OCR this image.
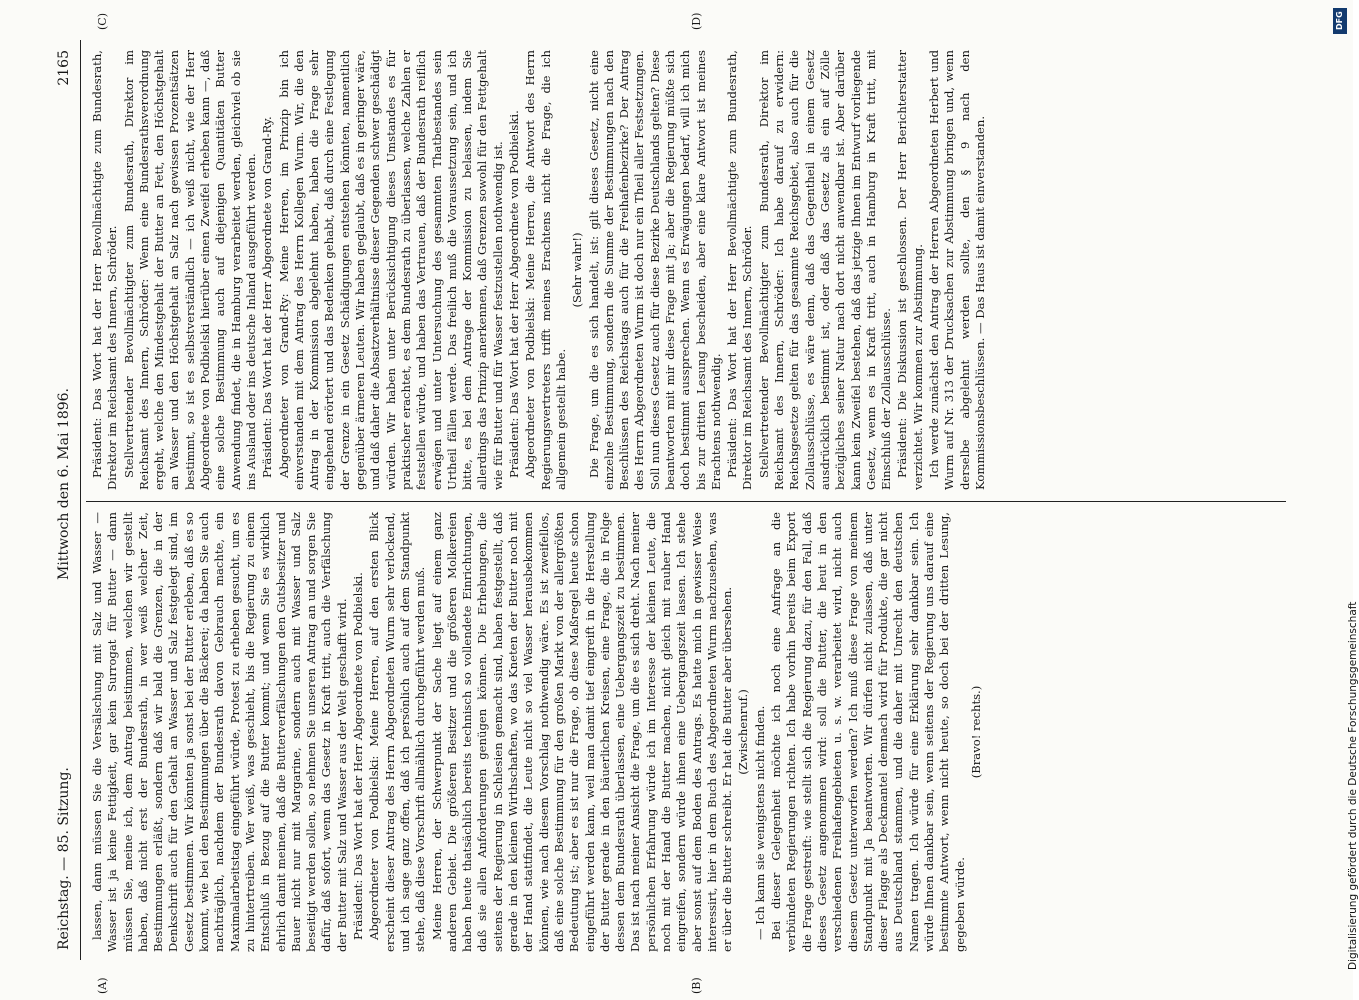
Reichstag. — 85. Sitzung.
Mittwoch den 6. Mai 1896.
2165
(A)	(B)
(C)	(D)

lassen, dann müssen Sie die Versälschung mit Salz und Wasser — Wasser ist ja keine Fettigkeit, gar kein Surrogat für Butter — dann müssen Sie, meine ich, dem Antrag beistimmen, welchen wir gestellt haben, daß nicht erst der Bundesrath, in wer weiß welcher Zeit, Bestimmungen erläßt, sondern daß wir bald die Grenzen, die in der Denkschrift auch für den Gehalt an Wasser und Salz festgelegt sind, im Gesetz bestimmen. Wir könnten ja sonst bei der Butter erleben, daß es so kommt, wie bei den Bestimmungen über die Bäckerei; da haben Sie auch nachträglich, nachdem der Bundesrath davon Gebrauch machte, ein Maximalarbeitstag eingeführt würde, Protest zu erheben gesucht, um es zu hintertreiben. Wer weiß, was geschieht, bis die Regierung zu einem Entschluß in Bezug auf die Butter kommt; und wenn Sie es wirklich ehrlich damit meinen, daß die Butterverfälschungen den Gutsbesitzer und Bauer nicht nur mit Margarine, sondern auch mit Wasser und Salz beseitigt werden sollen, so nehmen Sie unseren Antrag an und sorgen Sie dafür, daß sofort, wenn das Gesetz in Kraft tritt, auch die Verfälschung der Butter mit Salz und Wasser aus der Welt geschafft wird. Präsident: Das Wort hat der Herr Abgeordnete von Podbielski. Abgeordneter von Podbielski: Meine Herren, auf den ersten Blick erscheint dieser Antrag des Herrn Abgeordneten Wurm sehr verlockend, und ich sage ganz offen, daß ich persönlich auch auf dem Standpunkt stehe, daß diese Vorschrift allmählich durchgeführt werden muß. Meine Herren, der Schwerpunkt der Sache liegt auf einem ganz anderen Gebiet. Die größeren Besitzer und die größeren Molkereien haben heute thatsächlich bereits technisch so vollendete Einrichtungen, daß sie allen Anforderungen genügen können. Die Erhebungen, die seitens der Regierung in Schlesien gemacht sind, haben festgestellt, daß gerade in den kleinen Wirthschaften, wo das Kneten der Butter noch mit der Hand stattfindet, die Leute nicht so viel Wasser herausbekommen können, wie nach diesem Vorschlag nothwendig wäre. Es ist zweifellos, daß eine solche Bestimmung für den großen Markt von der allergrößten Bedeutung ist; aber es ist nur die Frage, ob diese Maßregel heute schon eingeführt werden kann, weil man damit tief eingreift in die Herstellung der Butter gerade in den bäuerlichen Kreisen, eine Frage, die in Folge dessen dem Bundesrath überlassen, eine Uebergangszeit zu bestimmen. Das ist nach meiner Ansicht die Frage, um die es sich dreht. Nach meiner persönlichen Erfahrung würde ich im Interesse der kleinen Leute, die noch mit der Hand die Butter machen, nicht gleich mit rauher Hand eingreifen, sondern würde ihnen eine Uebergangszeit lassen. Ich stehe aber sonst auf dem Boden des Antrags. Es hatte mich in gewisser Weise interessirt, hier in dem Buch des Abgeordneten Wurm nachzusehen, was er über die Butter schreibt. Er hat die Butter aber übersehen. (Zwischenruf.) — Ich kann sie wenigstens nicht finden. Bei dieser Gelegenheit möchte ich noch eine Anfrage an die verbündeten Regierungen richten. Ich habe vorhin bereits beim Export die Frage gestreift: wie stellt sich die Regierung dazu, für den Fall, daß dieses Gesetz angenommen wird: soll die Butter, die heut in den verschiedenen Freihafengebieten u. s. w. verarbeitet wird, nicht auch diesem Gesetz unterworfen werden? Ich muß diese Frage von meinem Standpunkt mit Ja beantworten. Wir dürfen nicht zulassen, daß unter dieser Flagge als Deckmantel demnach wird für Produkte, die gar nicht aus Deutschland stammen, und die daher mit Unrecht den deutschen Namen tragen. Ich würde für eine Erklärung sehr dankbar sein. Ich würde Ihnen dankbar sein, wenn seitens der Regierung uns darauf eine bestimmte Antwort, wenn nicht heute, so doch bei der dritten Lesung, gegeben würde.

(Bravo! rechts.)

Präsident: Das Wort hat der Herr Bevollmächtigte zum Bundesrath, Direktor im Reichsamt des Innern, Schröder. Stellvertretender Bevollmächtigter zum Bundesrath, Direktor im Reichsamt des Innern, Schröder: Wenn eine Bundesrathsverordnung ergeht, welche den Mindestgehalt der Butter an Fett, den Höchstgehalt an Wasser und den Höchstgehalt an Salz nach gewissen Prozentsätzen bestimmt, so ist es selbstverständlich — ich weiß nicht, wie der Herr Abgeordnete von Podbielski hierüber einen Zweifel erheben kann —, daß eine solche Bestimmung auch auf diejenigen Quantitäten Butter Anwendung findet, die in Hamburg verarbeitet werden, gleichviel ob sie ins Ausland oder ins deutsche Inland ausgeführt werden. Präsident: Das Wort hat der Herr Abgeordnete von Grand-Ry. Abgeordneter von Grand-Ry: Meine Herren, im Prinzip bin ich einverstanden mit dem Antrag des Herrn Kollegen Wurm. Wir, die den Antrag in der Kommission abgelehnt haben, haben die Frage sehr eingehend erörtert und das Bedenken gehabt, daß durch eine Festlegung der Grenze in ein Gesetz Schädigungen entstehen könnten, namentlich gegenüber ärmeren Leuten. Wir haben geglaubt, daß es in geringer wäre, und daß daher die Absatzverhältnisse dieser Gegenden schwer geschädigt würden. Wir haben unter Berücksichtigung dieses Umstandes es für praktischer erachtet, es dem Bundesrath zu überlassen, welche Zahlen er feststellen würde, und haben das Vertrauen, daß der Bundesrath reiflich erwägen und unter Untersuchung des gesammten Thatbestandes sein Urtheil fällen werde. Das freilich muß die Voraussetzung sein, und ich bitte, es bei dem Antrage der Kommission zu belassen, indem Sie allerdings das Prinzip anerkennen, daß Grenzen sowohl für den Fettgehalt wie für Butter und für Wasser festzustellen nothwendig ist. Präsident: Das Wort hat der Herr Abgeordnete von Podbielski. Abgeordneter von Podbielski: Meine Herren, die Antwort des Herrn Regierungsvertreters trifft meines Erachtens nicht die Frage, die ich allgemein gestellt habe.

(Sehr wahr!) Die Frage, um die es sich handelt, ist: gilt dieses Gesetz, nicht eine einzelne Bestimmung, sondern die Summe der Bestimmungen nach den Beschlüssen des Reichstags auch für die Freihafenbezirke? Der Antrag des Herrn Abgeordneten Wurm ist doch nur ein Theil aller Festsetzungen. Soll nun dieses Gesetz auch für diese Bezirke Deutschlands gelten? Diese beantworten mit mir diese Frage mit Ja; aber die Regierung müßte sich doch bestimmt aussprechen. Wenn es Erwägungen bedarf, will ich mich bis zur dritten Lesung bescheiden, aber eine klare Antwort ist meines Erachtens nothwendig. Präsident: Das Wort hat der Herr Bevollmächtigte zum Bundesrath, Direktor im Reichsamt des Innern, Schröder. Stellvertretender Bevollmächtigter zum Bundesrath, Direktor im Reichsamt des Innern, Schröder: Ich habe darauf zu erwidern: Reichsgesetze gelten für das gesammte Reichsgebiet, also auch für die Zollausschlüsse, es wäre denn, daß das Gegentheil in einem Gesetz ausdrücklich bestimmt ist, oder daß das Gesetz als ein auf Zölle bezügliches seiner Natur nach dort nicht anwendbar ist. Aber darüber kann kein Zweifel bestehen, daß das jetzige Ihnen im Entwurf vorliegende Gesetz, wenn es in Kraft tritt, auch in Hamburg in Kraft tritt, mit Einschluß der Zollausschlüsse. Präsident: Die Diskussion ist geschlossen. Der Herr Berichterstatter verzichtet. Wir kommen zur Abstimmung. Ich werde zunächst den Antrag der Herren Abgeordneten Herbert und Wurm auf Nr. 313 der Drucksachen zur Abstimmung bringen und, wenn derselbe abgelehnt werden sollte, den § 9 nach den Kommissionsbeschlüssen. — Das Haus ist damit einverstanden.

Digitalisierung gefördert durch die Deutsche Forschungsgemeinschaft
DFG
